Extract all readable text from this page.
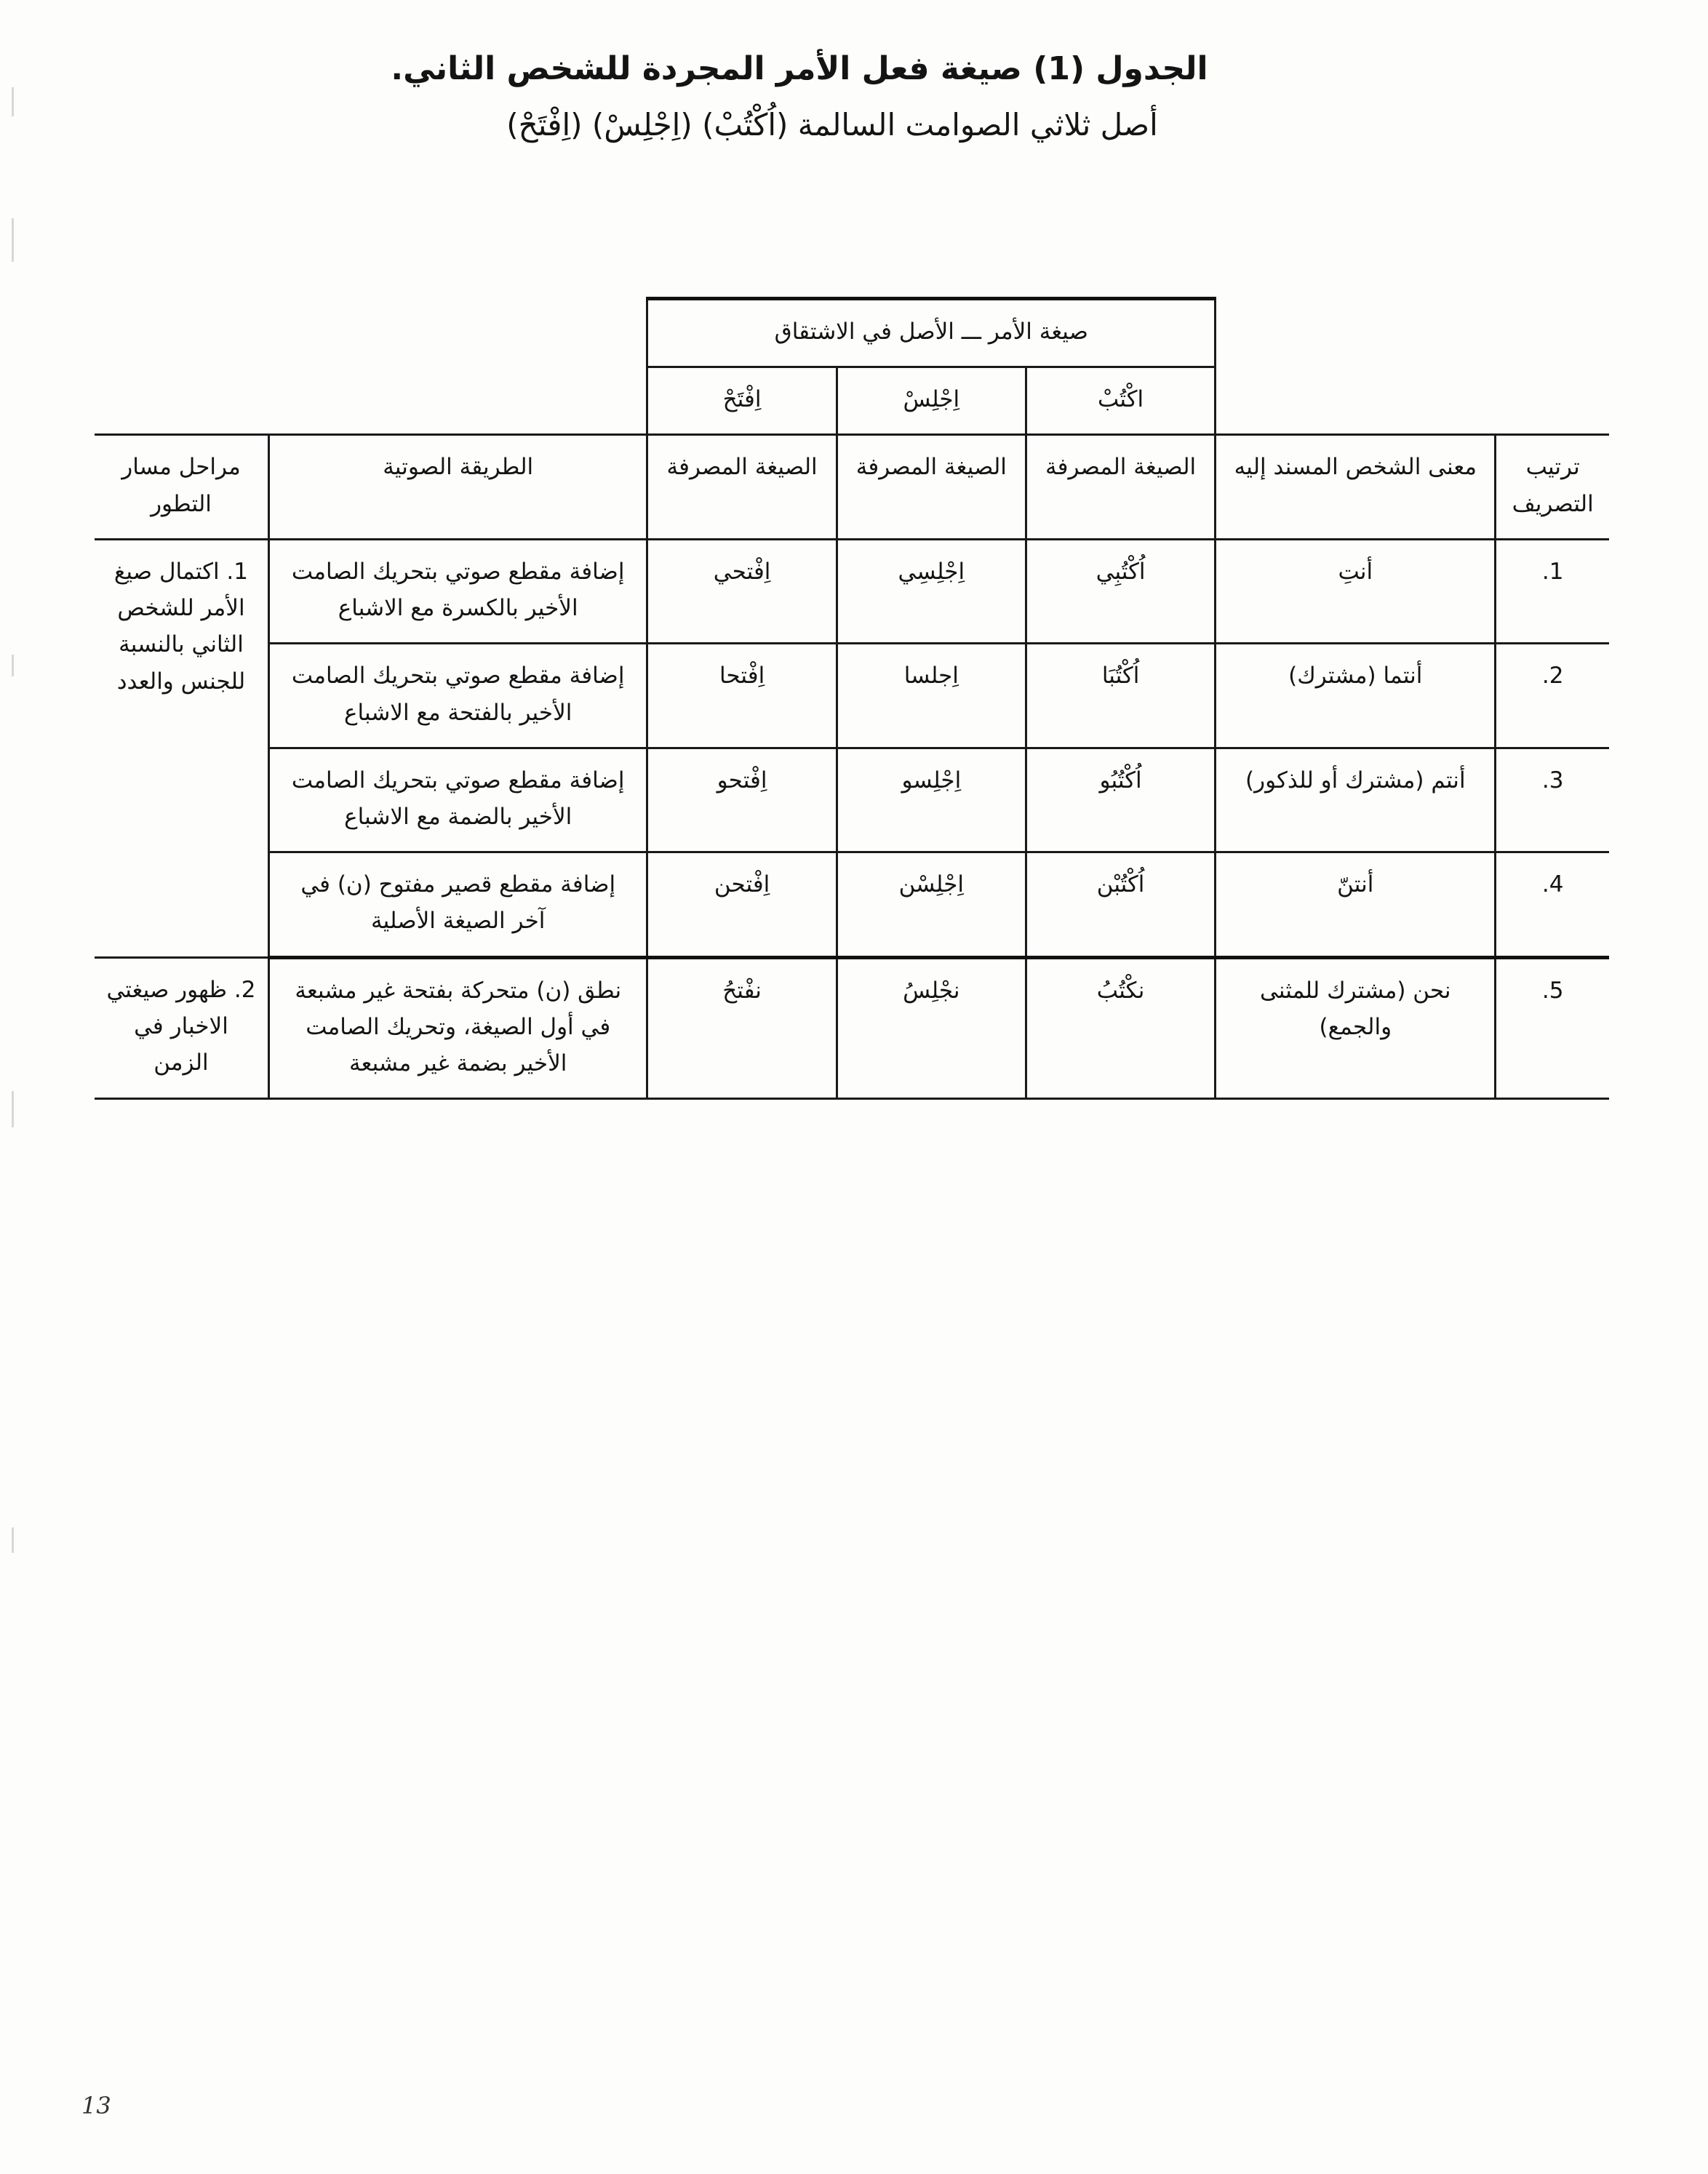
الجدول (1) صيغة فعل الأمر المجردة للشخص الثاني.
أصل ثلاثي الصوامت السالمة (اُكْتُبْ) (اِجْلِسْ) (اِفْتَحْ)
		صيغة الأمر ـــ الأصل في الاشتقاق				
		اكْتُبْ	اِجْلِسْ	اِفْتَحْ		
ترتيب التصريف	معنى الشخص المسند إليه	الصيغة المصرفة	الصيغة المصرفة	الصيغة المصرفة	الطريقة الصوتية	مراحل مسار التطور
1.	أنتِ	اُكْتُبِي	اِجْلِسِي	اِفْتحي	إضافة مقطع صوتي بتحريك الصامت الأخير بالكسرة مع الاشباع	1. اكتمال صيغ الأمر للشخص الثاني بالنسبة للجنس والعدد
2.	أنتما (مشترك)	اُكْتُبَا	اِجلسا	اِفْتحا	إضافة مقطع صوتي بتحريك الصامت الأخير بالفتحة مع الاشباع	
3.	أنتم (مشترك أو للذكور)	اُكْتُبُو	اِجْلِسو	اِفْتحو	إضافة مقطع صوتي بتحريك الصامت الأخير بالضمة مع الاشباع	
4.	أنتنّ	اُكْتُبْن	اِجْلِسْن	اِفْتحن	إضافة مقطع قصير مفتوح (ن) في آخر الصيغة الأصلية	
5.	نحن (مشترك للمثنى والجمع)	نكْتُبُ	نجْلِسُ	نفْتحُ	نطق (ن) متحركة بفتحة غير مشبعة في أول الصيغة، وتحريك الصامت الأخير بضمة غير مشبعة	2. ظهور صيغتي الاخبار في الزمن
13
